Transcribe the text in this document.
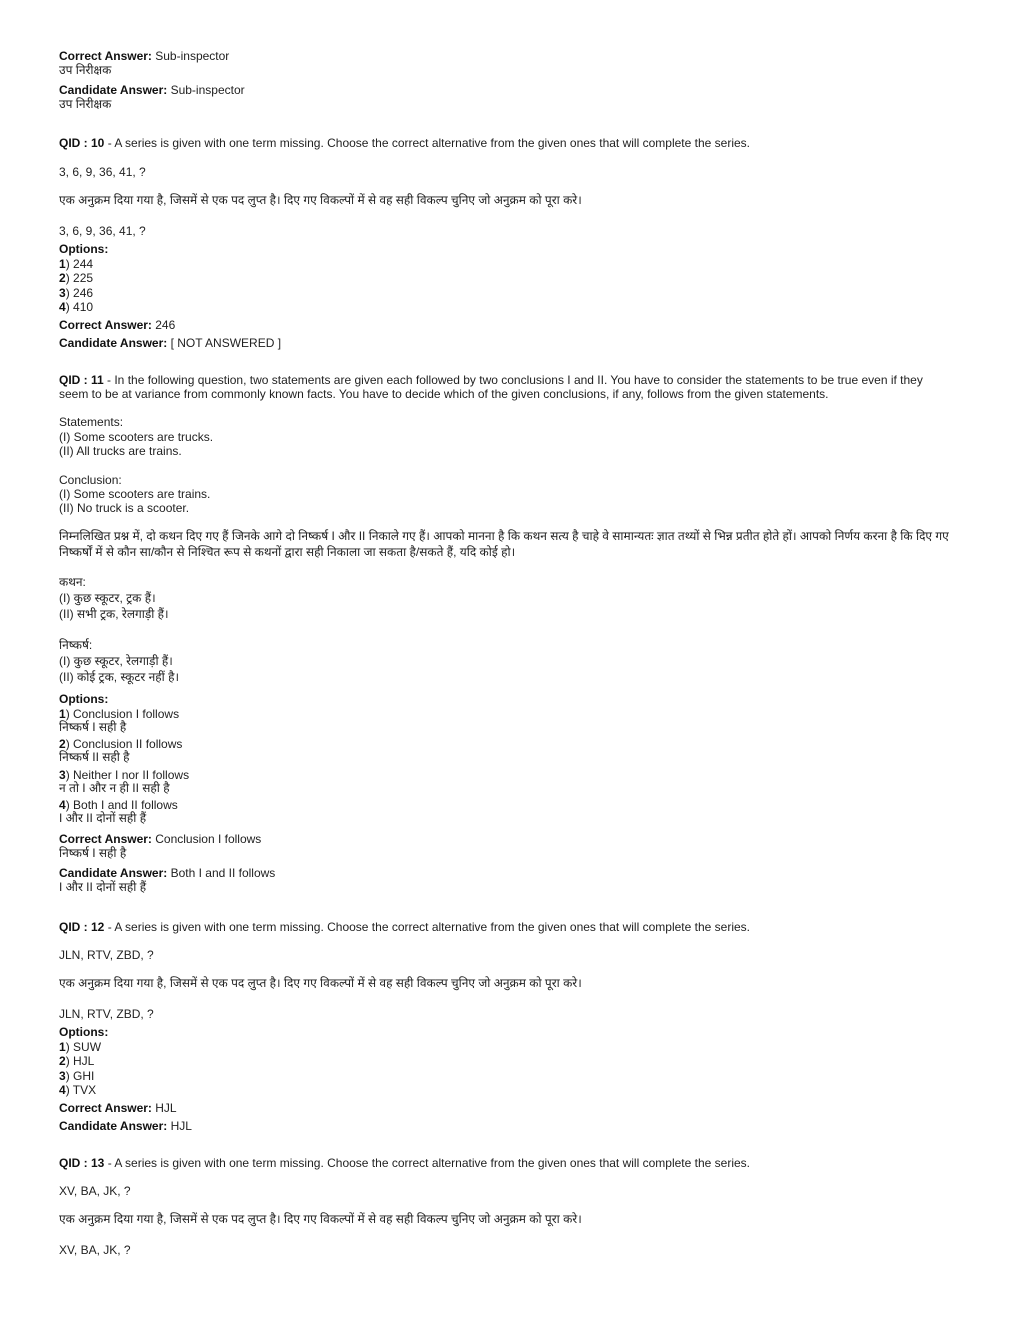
Correct Answer: Sub-inspector
उप निरीक्षक
Candidate Answer: Sub-inspector
उप निरीक्षक
QID : 10 - A series is given with one term missing. Choose the correct alternative from the given ones that will complete the series.
3, 6, 9, 36, 41, ?
एक अनुक्रम दिया गया है, जिसमें से एक पद लुप्त है। दिए गए विकल्पों में से वह सही विकल्प चुनिए जो अनुक्रम को पूरा करे।
3, 6, 9, 36, 41, ?
Options:
1) 244
2) 225
3) 246
4) 410
Correct Answer: 246
Candidate Answer: [ NOT ANSWERED ]
QID : 11 - In the following question, two statements are given each followed by two conclusions I and II. You have to consider the statements to be true even if they
seem to be at variance from commonly known facts. You have to decide which of the given conclusions, if any, follows from the given statements.
Statements:
(I) Some scooters are trucks.
(II) All trucks are trains.
Conclusion:
(I) Some scooters are trains.
(II) No truck is a scooter.
निम्नलिखित प्रश्न में, दो कथन दिए गए हैं जिनके आगे दो निष्कर्ष I और II निकाले गए हैं। आपको मानना है कि कथन सत्य है चाहे वे सामान्यतः ज्ञात तथ्यों से भिन्न प्रतीत होते हों। आपको निर्णय करना है कि दिए गए
निष्कर्षों में से कौन सा/कौन से निश्चित रूप से कथनों द्वारा सही निकाला जा सकता है/सकते हैं, यदि कोई हो।
कथन:
(I) कुछ स्कूटर, ट्रक हैं।
(II) सभी ट्रक, रेलगाड़ी हैं।
निष्कर्ष:
(I) कुछ स्कूटर, रेलगाड़ी हैं।
(II) कोई ट्रक, स्कूटर नहीं है।
Options:
1) Conclusion I follows
निष्कर्ष I सही है
2) Conclusion II follows
निष्कर्ष II सही है
3) Neither I nor II follows
न तो I और न ही II सही है
4) Both I and II follows
I और II दोनों सही हैं
Correct Answer: Conclusion I follows
निष्कर्ष I सही है
Candidate Answer: Both I and II follows
I और II दोनों सही हैं
QID : 12 - A series is given with one term missing. Choose the correct alternative from the given ones that will complete the series.
JLN, RTV, ZBD, ?
एक अनुक्रम दिया गया है, जिसमें से एक पद लुप्त है। दिए गए विकल्पों में से वह सही विकल्प चुनिए जो अनुक्रम को पूरा करे।
JLN, RTV, ZBD, ?
Options:
1) SUW
2) HJL
3) GHI
4) TVX
Correct Answer: HJL
Candidate Answer: HJL
QID : 13 - A series is given with one term missing. Choose the correct alternative from the given ones that will complete the series.
XV, BA, JK, ?
एक अनुक्रम दिया गया है, जिसमें से एक पद लुप्त है। दिए गए विकल्पों में से वह सही विकल्प चुनिए जो अनुक्रम को पूरा करे।
XV, BA, JK, ?
